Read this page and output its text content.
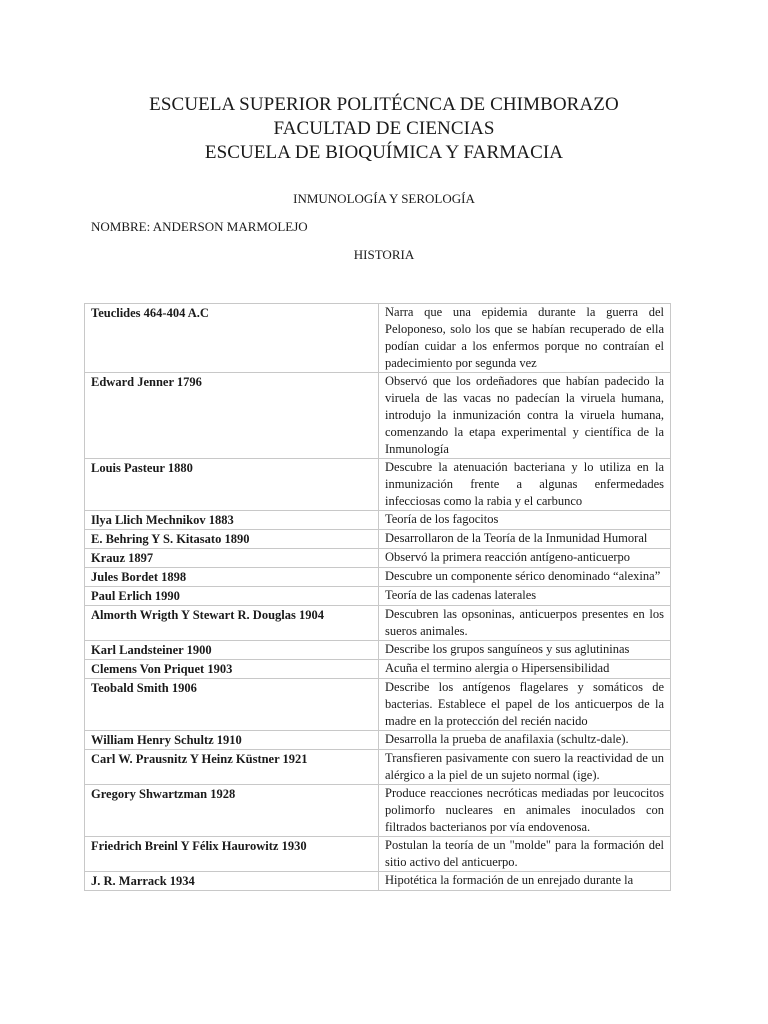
ESCUELA SUPERIOR POLITÉCNCA DE CHIMBORAZO
FACULTAD DE CIENCIAS
ESCUELA DE BIOQUÍMICA Y FARMACIA
INMUNOLOGÍA Y SEROLOGÍA
NOMBRE: ANDERSON MARMOLEJO
HISTORIA
Teuclides 464-404 A.C	Narra que una epidemia durante la guerra del Peloponeso, solo los que se habían recuperado de ella podían cuidar a los enfermos porque no contraían el padecimiento por segunda vez
Edward Jenner 1796	Observó que los ordeñadores que habían padecido la viruela de las vacas no padecían la viruela humana, introdujo la inmunización contra la viruela humana, comenzando la etapa experimental y científica de la Inmunología
Louis Pasteur 1880	Descubre la atenuación bacteriana y lo utiliza en la inmunización frente a algunas enfermedades infecciosas como la rabia y el carbunco
Ilya Llich Mechnikov 1883	Teoría de los fagocitos
E. Behring Y S. Kitasato 1890	Desarrollaron de la Teoría de la Inmunidad Humoral
Krauz 1897	Observó la primera reacción antígeno-anticuerpo
Jules Bordet 1898	Descubre un componente sérico denominado “alexina”
Paul Erlich 1990	Teoría de las cadenas laterales
Almorth Wrigth Y Stewart R. Douglas 1904	Descubren las opsoninas, anticuerpos presentes en los sueros animales.
Karl Landsteiner 1900	Describe los grupos sanguíneos y sus aglutininas
Clemens Von Priquet 1903	Acuña el termino alergia o Hipersensibilidad
Teobald Smith 1906	Describe los antígenos flagelares y somáticos de bacterias. Establece el papel de los anticuerpos de la madre en la protección del recién nacido
William Henry Schultz 1910	Desarrolla la prueba de anafilaxia (schultz-dale).
Carl W. Prausnitz Y Heinz Küstner 1921	Transfieren pasivamente con suero la reactividad de un alérgico a la piel de un sujeto normal (ige).
Gregory Shwartzman 1928	Produce reacciones necróticas mediadas por leucocitos polimorfo nucleares en animales inoculados con filtrados bacterianos por vía endovenosa.
Friedrich Breinl Y Félix Haurowitz 1930	Postulan la teoría de un "molde" para la formación del sitio activo del anticuerpo.
J. R. Marrack 1934	Hipotética la formación de un enrejado durante la
